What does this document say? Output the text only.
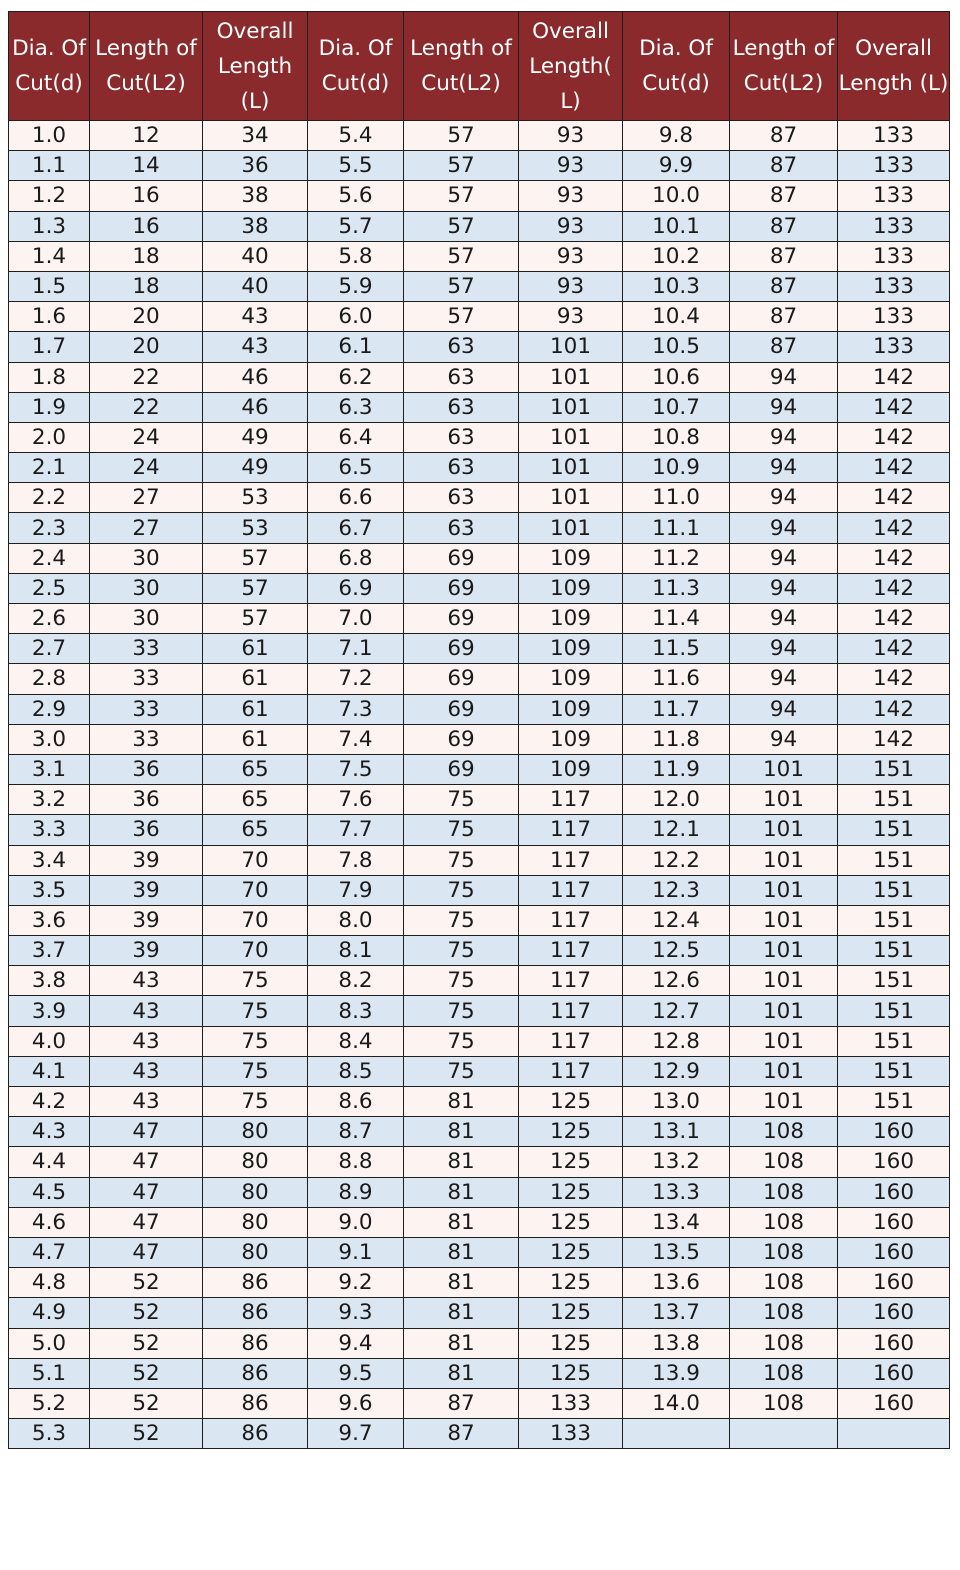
Dia. Of Cut(d)	Length of Cut(L2)	Overall Length (L)	Dia. Of Cut(d)	Length of Cut(L2)	Overall Length( L)	Dia. Of Cut(d)	Length of Cut(L2)	Overall Length (L)
1.0	12	34	5.4	57	93	9.8	87	133
1.1	14	36	5.5	57	93	9.9	87	133
1.2	16	38	5.6	57	93	10.0	87	133
1.3	16	38	5.7	57	93	10.1	87	133
1.4	18	40	5.8	57	93	10.2	87	133
1.5	18	40	5.9	57	93	10.3	87	133
1.6	20	43	6.0	57	93	10.4	87	133
1.7	20	43	6.1	63	101	10.5	87	133
1.8	22	46	6.2	63	101	10.6	94	142
1.9	22	46	6.3	63	101	10.7	94	142
2.0	24	49	6.4	63	101	10.8	94	142
2.1	24	49	6.5	63	101	10.9	94	142
2.2	27	53	6.6	63	101	11.0	94	142
2.3	27	53	6.7	63	101	11.1	94	142
2.4	30	57	6.8	69	109	11.2	94	142
2.5	30	57	6.9	69	109	11.3	94	142
2.6	30	57	7.0	69	109	11.4	94	142
2.7	33	61	7.1	69	109	11.5	94	142
2.8	33	61	7.2	69	109	11.6	94	142
2.9	33	61	7.3	69	109	11.7	94	142
3.0	33	61	7.4	69	109	11.8	94	142
3.1	36	65	7.5	69	109	11.9	101	151
3.2	36	65	7.6	75	117	12.0	101	151
3.3	36	65	7.7	75	117	12.1	101	151
3.4	39	70	7.8	75	117	12.2	101	151
3.5	39	70	7.9	75	117	12.3	101	151
3.6	39	70	8.0	75	117	12.4	101	151
3.7	39	70	8.1	75	117	12.5	101	151
3.8	43	75	8.2	75	117	12.6	101	151
3.9	43	75	8.3	75	117	12.7	101	151
4.0	43	75	8.4	75	117	12.8	101	151
4.1	43	75	8.5	75	117	12.9	101	151
4.2	43	75	8.6	81	125	13.0	101	151
4.3	47	80	8.7	81	125	13.1	108	160
4.4	47	80	8.8	81	125	13.2	108	160
4.5	47	80	8.9	81	125	13.3	108	160
4.6	47	80	9.0	81	125	13.4	108	160
4.7	47	80	9.1	81	125	13.5	108	160
4.8	52	86	9.2	81	125	13.6	108	160
4.9	52	86	9.3	81	125	13.7	108	160
5.0	52	86	9.4	81	125	13.8	108	160
5.1	52	86	9.5	81	125	13.9	108	160
5.2	52	86	9.6	87	133	14.0	108	160
5.3	52	86	9.7	87	133			
